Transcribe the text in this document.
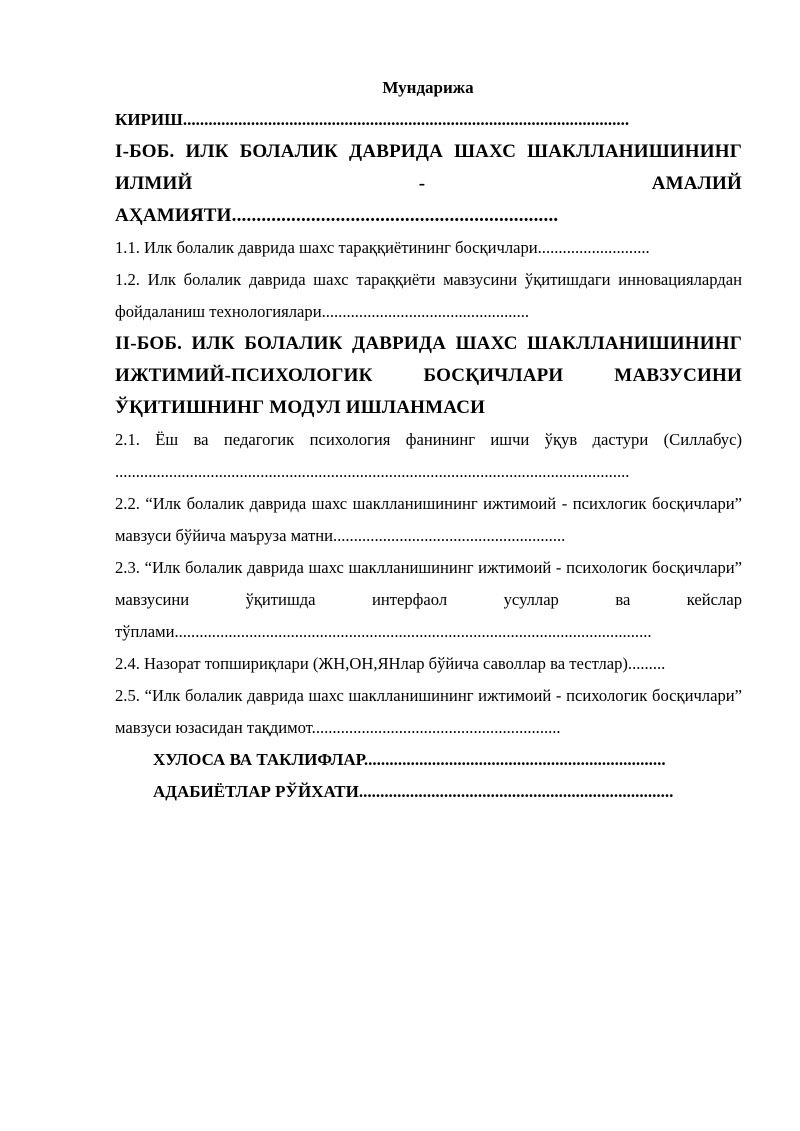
Мундарижа

КИРИШ.........................................................................................................

I-БОБ. ИЛК БОЛАЛИК ДАВРИДА ШАХС ШАКЛЛАНИШИНИНГ ИЛМИЙ - АМАЛИЙ АҲАМИЯТИ..................................................................

1.1. Илк болалик даврида шахс тараққиётининг босқичлари...........................

1.2. Илк болалик даврида шахс тараққиёти мавзусини ўқитишдаги инновациялардан фойдаланиш технологиялари..................................................

II-БОБ. ИЛК БОЛАЛИК ДАВРИДА ШАХС ШАКЛЛАНИШИНИНГ ИЖТИМИЙ-ПСИХОЛОГИК БОСҚИЧЛАРИ МАВЗУСИНИ ЎҚИТИШНИНГ МОДУЛ ИШЛАНМАСИ

2.1. Ёш ва педагогик психология фанининг ишчи ўқув дастури (Силлабус) ............................................................................................................................

2.2. “Илк болалик даврида шахс шаклланишининг ижтимоий - психлогик босқичлари” мавзуси бўйича маъруза матни........................................................

2.3. “Илк болалик даврида шахс шаклланишининг ижтимоий - психологик босқичлари” мавзусини ўқитишда интерфаол усуллар ва кейслар тўплами...................................................................................................................

2.4. Назорат топшириқлари (ЖН,ОН,ЯНлар бўйича саволлар ва тестлар).........

2.5. “Илк болалик даврида шахс шаклланишининг ижтимоий - психологик босқичлари” мавзуси юзасидан тақдимот............................................................

ХУЛОСА ВА ТАКЛИФЛАР.......................................................................

АДАБИЁТЛАР РЎЙХАТИ..........................................................................
